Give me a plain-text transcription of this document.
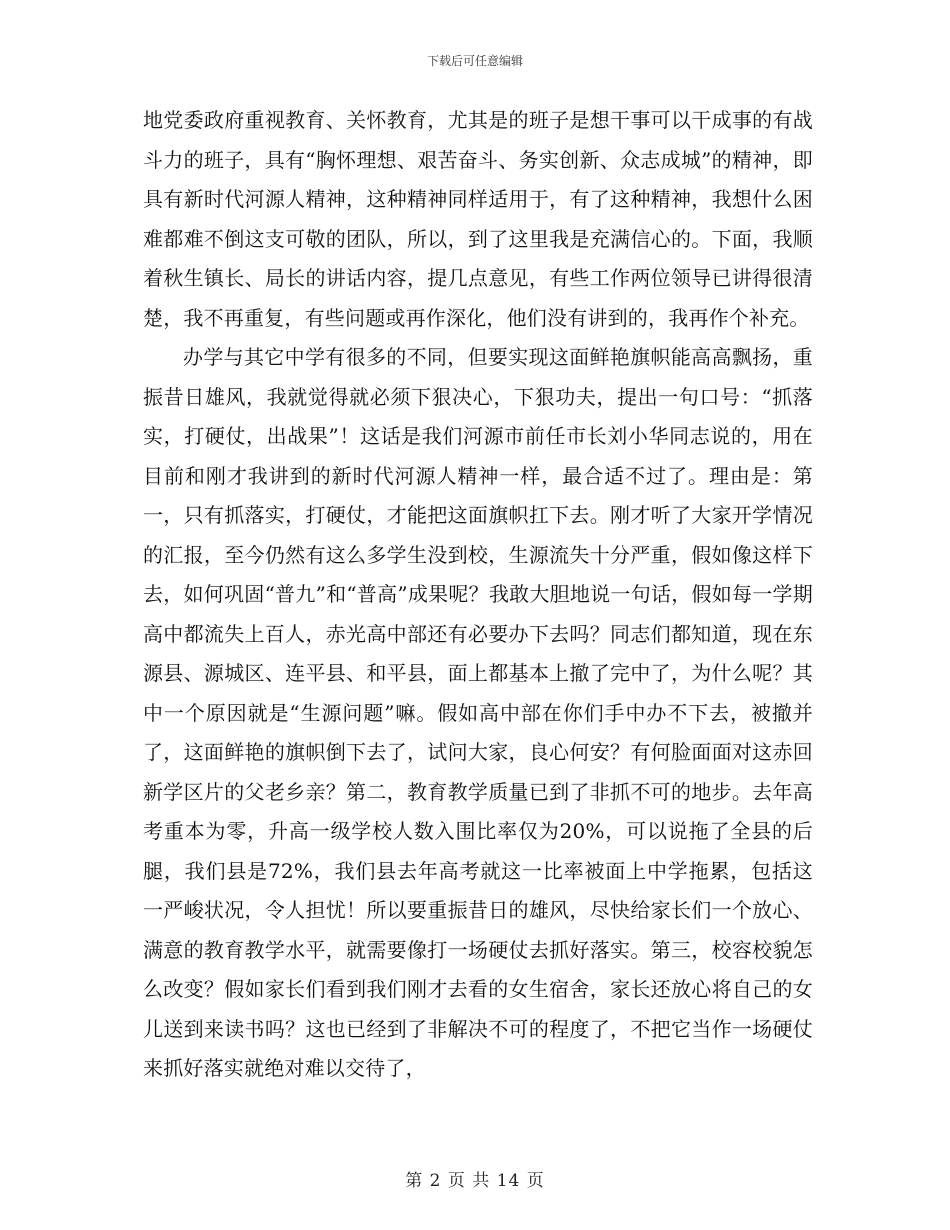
下载后可任意编辑

地党委政府重视教育、关怀教育，尤其是的班子是想干事可以干成事的有战斗力的班子，具有“胸怀理想、艰苦奋斗、务实创新、众志成城”的精神，即具有新时代河源人精神，这种精神同样适用于，有了这种精神，我想什么困难都难不倒这支可敬的团队，所以，到了这里我是充满信心的。下面，我顺着秋生镇长、局长的讲话内容，提几点意见，有些工作两位领导已讲得很清楚，我不再重复，有些问题或再作深化，他们没有讲到的，我再作个补充。

办学与其它中学有很多的不同，但要实现这面鲜艳旗帜能高高飘扬，重振昔日雄风，我就觉得就必须下狠决心，下狠功夫，提出一句口号：“抓落实，打硬仗，出战果”！这话是我们河源市前任市长刘小华同志说的，用在目前和刚才我讲到的新时代河源人精神一样，最合适不过了。理由是：第一，只有抓落实，打硬仗，才能把这面旗帜扛下去。刚才听了大家开学情况的汇报，至今仍然有这么多学生没到校，生源流失十分严重，假如像这样下去，如何巩固“普九”和“普高”成果呢？我敢大胆地说一句话，假如每一学期高中都流失上百人，赤光高中部还有必要办下去吗？同志们都知道，现在东源县、源城区、连平县、和平县，面上都基本上撤了完中了，为什么呢？其中一个原因就是“生源问题”嘛。假如高中部在你们手中办不下去，被撤并了，这面鲜艳的旗帜倒下去了，试问大家，良心何安？有何脸面面对这赤回新学区片的父老乡亲？第二，教育教学质量已到了非抓不可的地步。去年高考重本为零，升高一级学校人数入围比率仅为20%，可以说拖了全县的后腿，我们县是72%，我们县去年高考就这一比率被面上中学拖累，包括这一严峻状况，令人担忧！所以要重振昔日的雄风，尽快给家长们一个放心、满意的教育教学水平，就需要像打一场硬仗去抓好落实。第三，校容校貌怎么改变？假如家长们看到我们刚才去看的女生宿舍，家长还放心将自己的女儿送到来读书吗？这也已经到了非解决不可的程度了，不把它当作一场硬仗来抓好落实就绝对难以交待了，

第 2 页 共 14 页
